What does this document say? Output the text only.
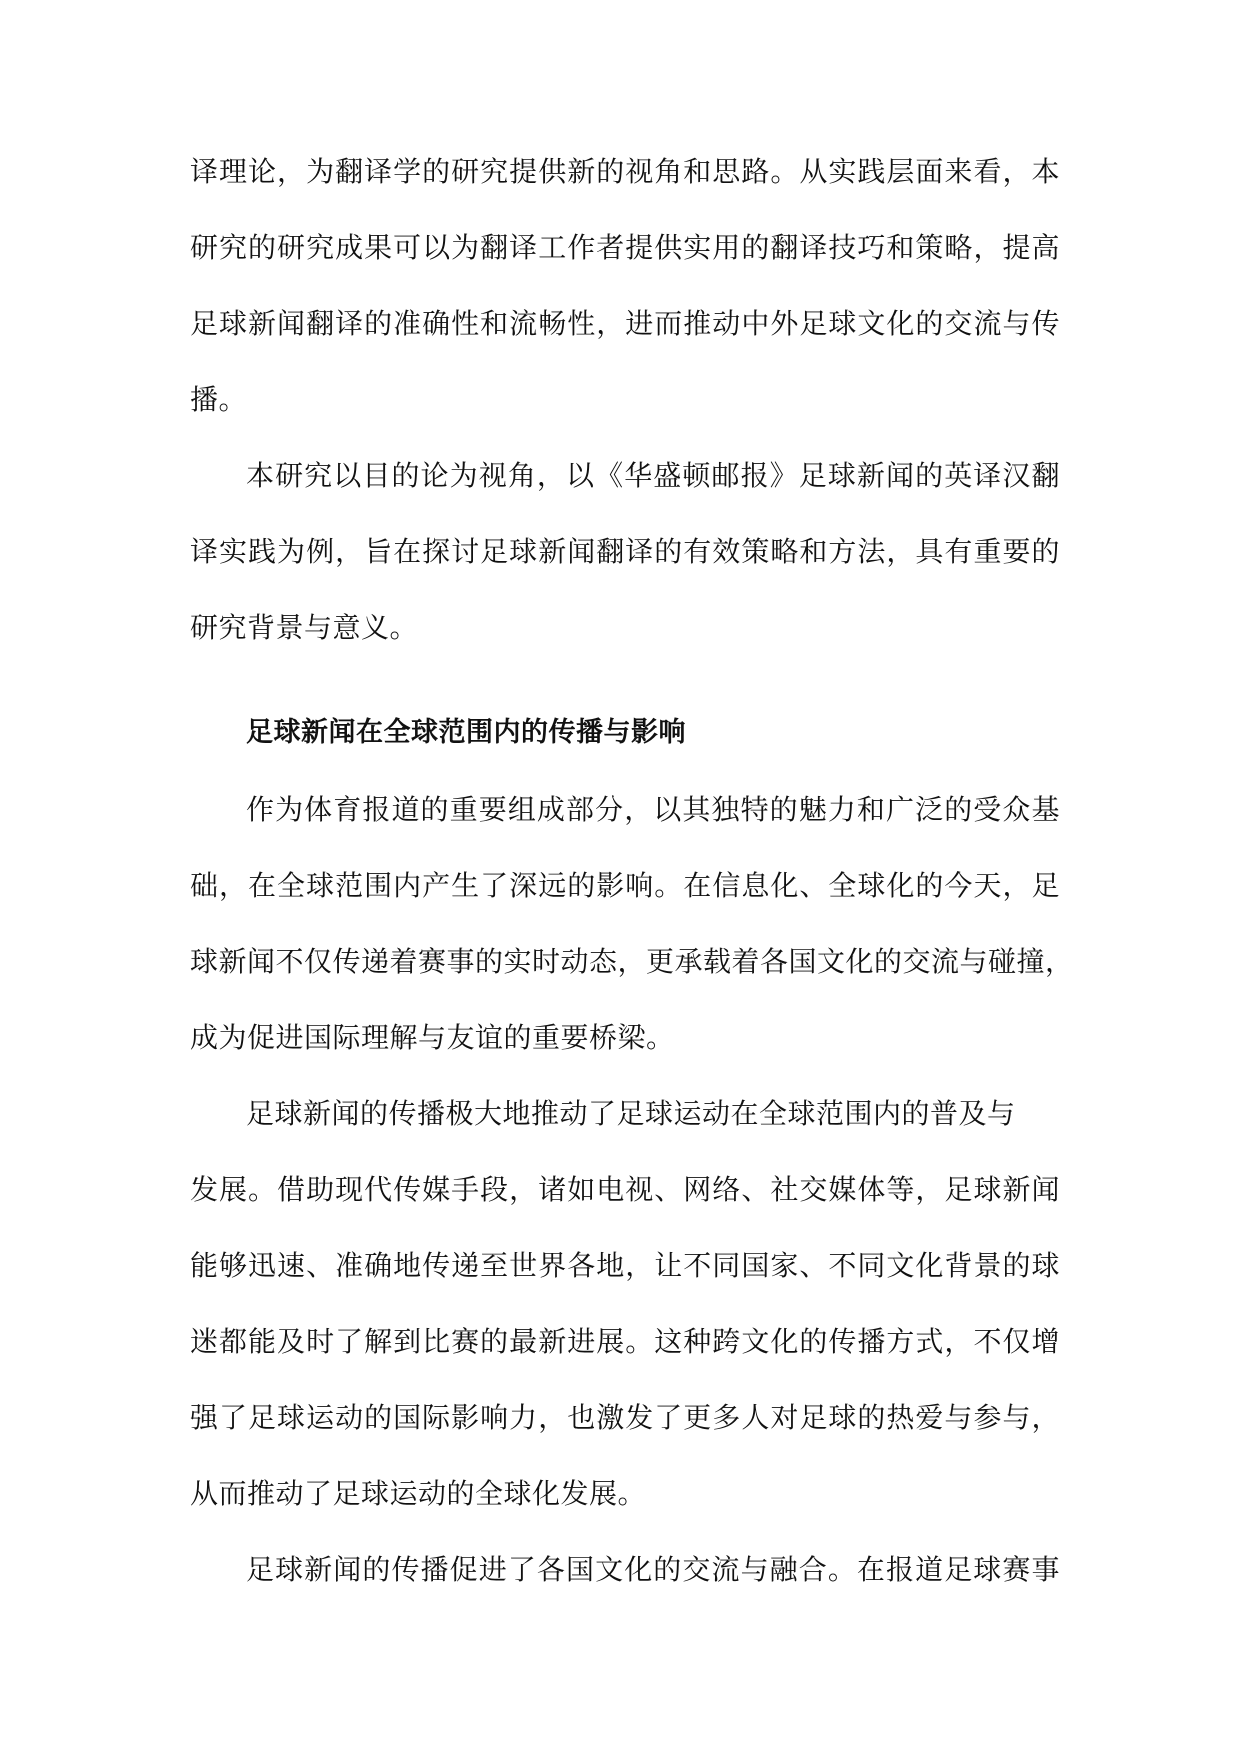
译理论，为翻译学的研究提供新的视角和思路。从实践层面来看，本
研究的研究成果可以为翻译工作者提供实用的翻译技巧和策略，提高
足球新闻翻译的准确性和流畅性，进而推动中外足球文化的交流与传
播。
本研究以目的论为视角，以《华盛顿邮报》足球新闻的英译汉翻
译实践为例，旨在探讨足球新闻翻译的有效策略和方法，具有重要的
研究背景与意义。
足球新闻在全球范围内的传播与影响
作为体育报道的重要组成部分，以其独特的魅力和广泛的受众基
础，在全球范围内产生了深远的影响。在信息化、全球化的今天，足
球新闻不仅传递着赛事的实时动态，更承载着各国文化的交流与碰撞，
成为促进国际理解与友谊的重要桥梁。
足球新闻的传播极大地推动了足球运动在全球范围内的普及与
发展。借助现代传媒手段，诸如电视、网络、社交媒体等，足球新闻
能够迅速、准确地传递至世界各地，让不同国家、不同文化背景的球
迷都能及时了解到比赛的最新进展。这种跨文化的传播方式，不仅增
强了足球运动的国际影响力，也激发了更多人对足球的热爱与参与，
从而推动了足球运动的全球化发展。
足球新闻的传播促进了各国文化的交流与融合。在报道足球赛事
